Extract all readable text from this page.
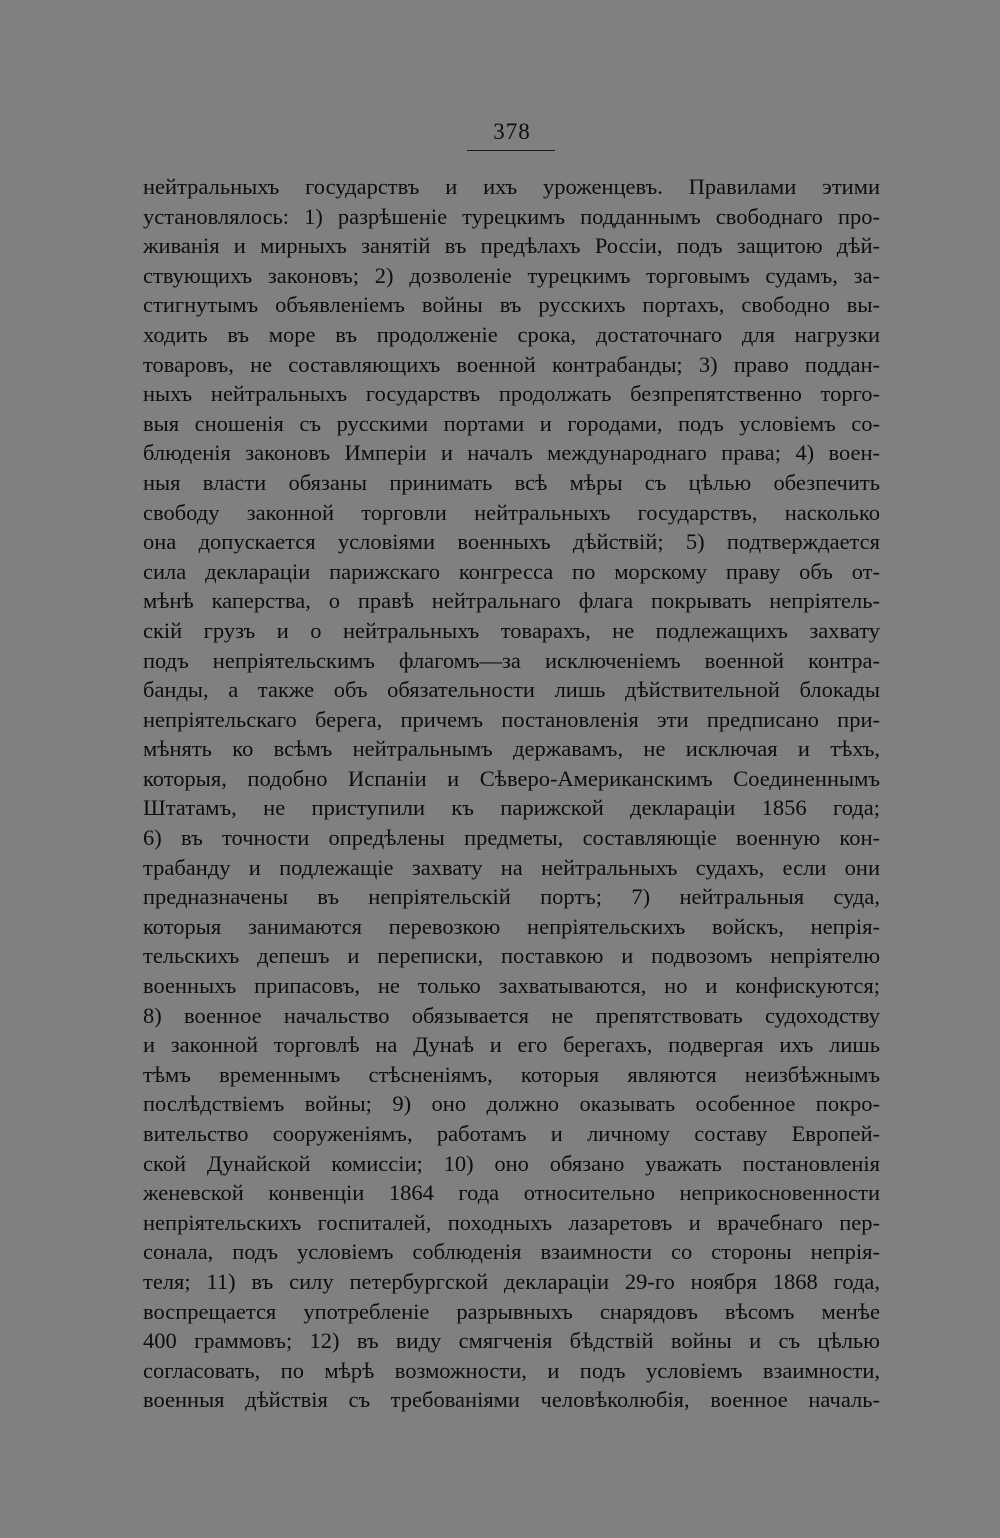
378
нейтральныхъ государствъ и ихъ уроженцевъ. Правилами этими
установлялось: 1) разрѣшеніе турецкимъ подданнымъ свободнаго про-
живанія и мирныхъ занятій въ предѣлахъ Россіи, подъ защитою дѣй-
ствующихъ законовъ; 2) дозволеніе турецкимъ торговымъ судамъ, за-
стигнутымъ объявленіемъ войны въ русскихъ портахъ, свободно вы-
ходить въ море въ продолженіе срока, достаточнаго для нагрузки
товаровъ, не составляющихъ военной контрабанды; 3) право поддан-
ныхъ нейтральныхъ государствъ продолжать безпрепятственно торго-
выя сношенія съ русскими портами и городами, подъ условіемъ со-
блюденія законовъ Имперіи и началъ международнаго права; 4) воен-
ныя власти обязаны принимать всѣ мѣры съ цѣлью обезпечить
свободу законной торговли нейтральныхъ государствъ, насколько
она допускается условіями военныхъ дѣйствій; 5) подтверждается
сила деклараціи парижскаго конгресса по морскому праву объ от-
мѣнѣ каперства, о правѣ нейтральнаго флага покрывать непріятель-
скій грузъ и о нейтральныхъ товарахъ, не подлежащихъ захвату
подъ непріятельскимъ флагомъ—за исключеніемъ военной контра-
банды, а также объ обязательности лишь дѣйствительной блокады
непріятельскаго берега, причемъ постановленія эти предписано при-
мѣнять ко всѣмъ нейтральнымъ державамъ, не исключая и тѣхъ,
которыя, подобно Испаніи и Сѣверо-Американскимъ Соединеннымъ
Штатамъ, не приступили къ парижской деклараціи 1856 года;
6) въ точности опредѣлены предметы, составляющіе военную кон-
трабанду и подлежащіе захвату на нейтральныхъ судахъ, если они
предназначены въ непріятельскій портъ; 7) нейтральныя суда,
которыя занимаются перевозкою непріятельскихъ войскъ, непрія-
тельскихъ депешъ и переписки, поставкою и подвозомъ непріятелю
военныхъ припасовъ, не только захватываются, но и конфискуются;
8) военное начальство обязывается не препятствовать судоходству
и законной торговлѣ на Дунаѣ и его берегахъ, подвергая ихъ лишь
тѣмъ временнымъ стѣсненіямъ, которыя являются неизбѣжнымъ
послѣдствіемъ войны; 9) оно должно оказывать особенное покро-
вительство сооруженіямъ, работамъ и личному составу Европей-
ской Дунайской комиссіи; 10) оно обязано уважать постановленія
женевской конвенціи 1864 года относительно неприкосновенности
непріятельскихъ госпиталей, походныхъ лазаретовъ и врачебнаго пер-
сонала, подъ условіемъ соблюденія взаимности со стороны непрія-
теля; 11) въ силу петербургской деклараціи 29-го ноября 1868 года,
воспрещается употребленіе разрывныхъ снарядовъ вѣсомъ менѣе
400 граммовъ; 12) въ виду смягченія бѣдствій войны и съ цѣлью
согласовать, по мѣрѣ возможности, и подъ условіемъ взаимности,
военныя дѣйствія съ требованіями человѣколюбія, военное началь-
